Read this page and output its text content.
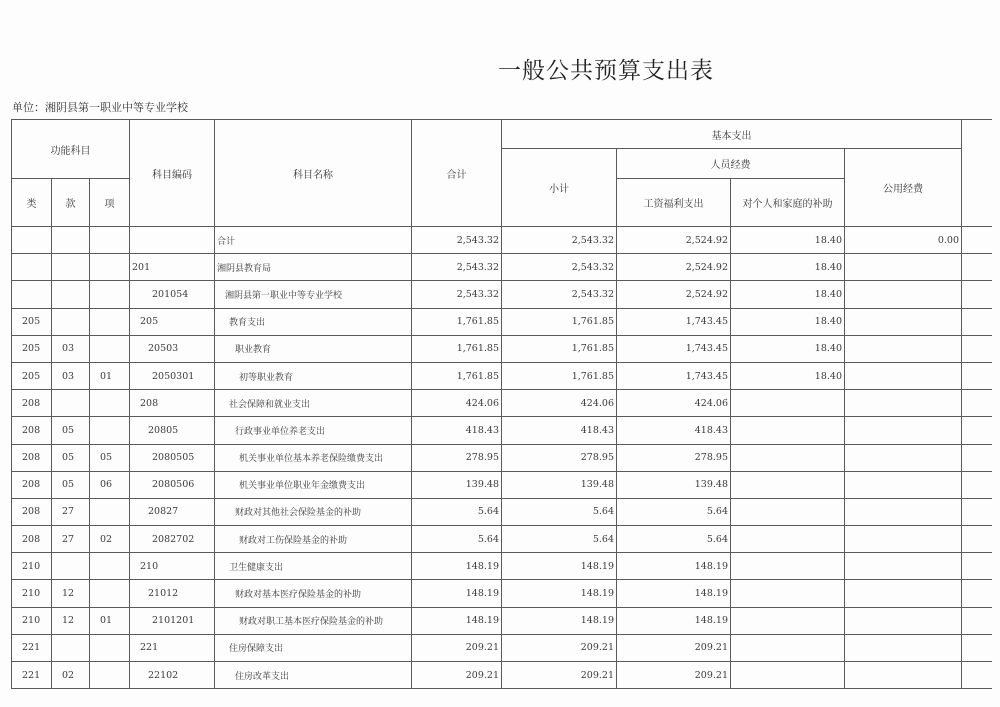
一般公共预算支出表
单位：湘阴县第一职业中等专业学校
功能科目			科目编码	科目名称	合计	基本支出				
						小计	人员经费		公用经费	
类	款	项					工资福利支出	对个人和家庭的补助		
				合计	2,543.32	2,543.32	2,524.92	18.40	0.00	
			201	湘阴县教育局	2,543.32	2,543.32	2,524.92	18.40		
			201054	湘阴县第一职业中等专业学校	2,543.32	2,543.32	2,524.92	18.40		
205			205	教育支出	1,761.85	1,761.85	1,743.45	18.40		
205	03		20503	职业教育	1,761.85	1,761.85	1,743.45	18.40		
205	03	01	2050301	初等职业教育	1,761.85	1,761.85	1,743.45	18.40		
208			208	社会保障和就业支出	424.06	424.06	424.06			
208	05		20805	行政事业单位养老支出	418.43	418.43	418.43			
208	05	05	2080505	机关事业单位基本养老保险缴费支出	278.95	278.95	278.95			
208	05	06	2080506	机关事业单位职业年金缴费支出	139.48	139.48	139.48			
208	27		20827	财政对其他社会保险基金的补助	5.64	5.64	5.64			
208	27	02	2082702	财政对工伤保险基金的补助	5.64	5.64	5.64			
210			210	卫生健康支出	148.19	148.19	148.19			
210	12		21012	财政对基本医疗保险基金的补助	148.19	148.19	148.19			
210	12	01	2101201	财政对职工基本医疗保险基金的补助	148.19	148.19	148.19			
221			221	住房保障支出	209.21	209.21	209.21			
221	02		22102	住房改革支出	209.21	209.21	209.21			
